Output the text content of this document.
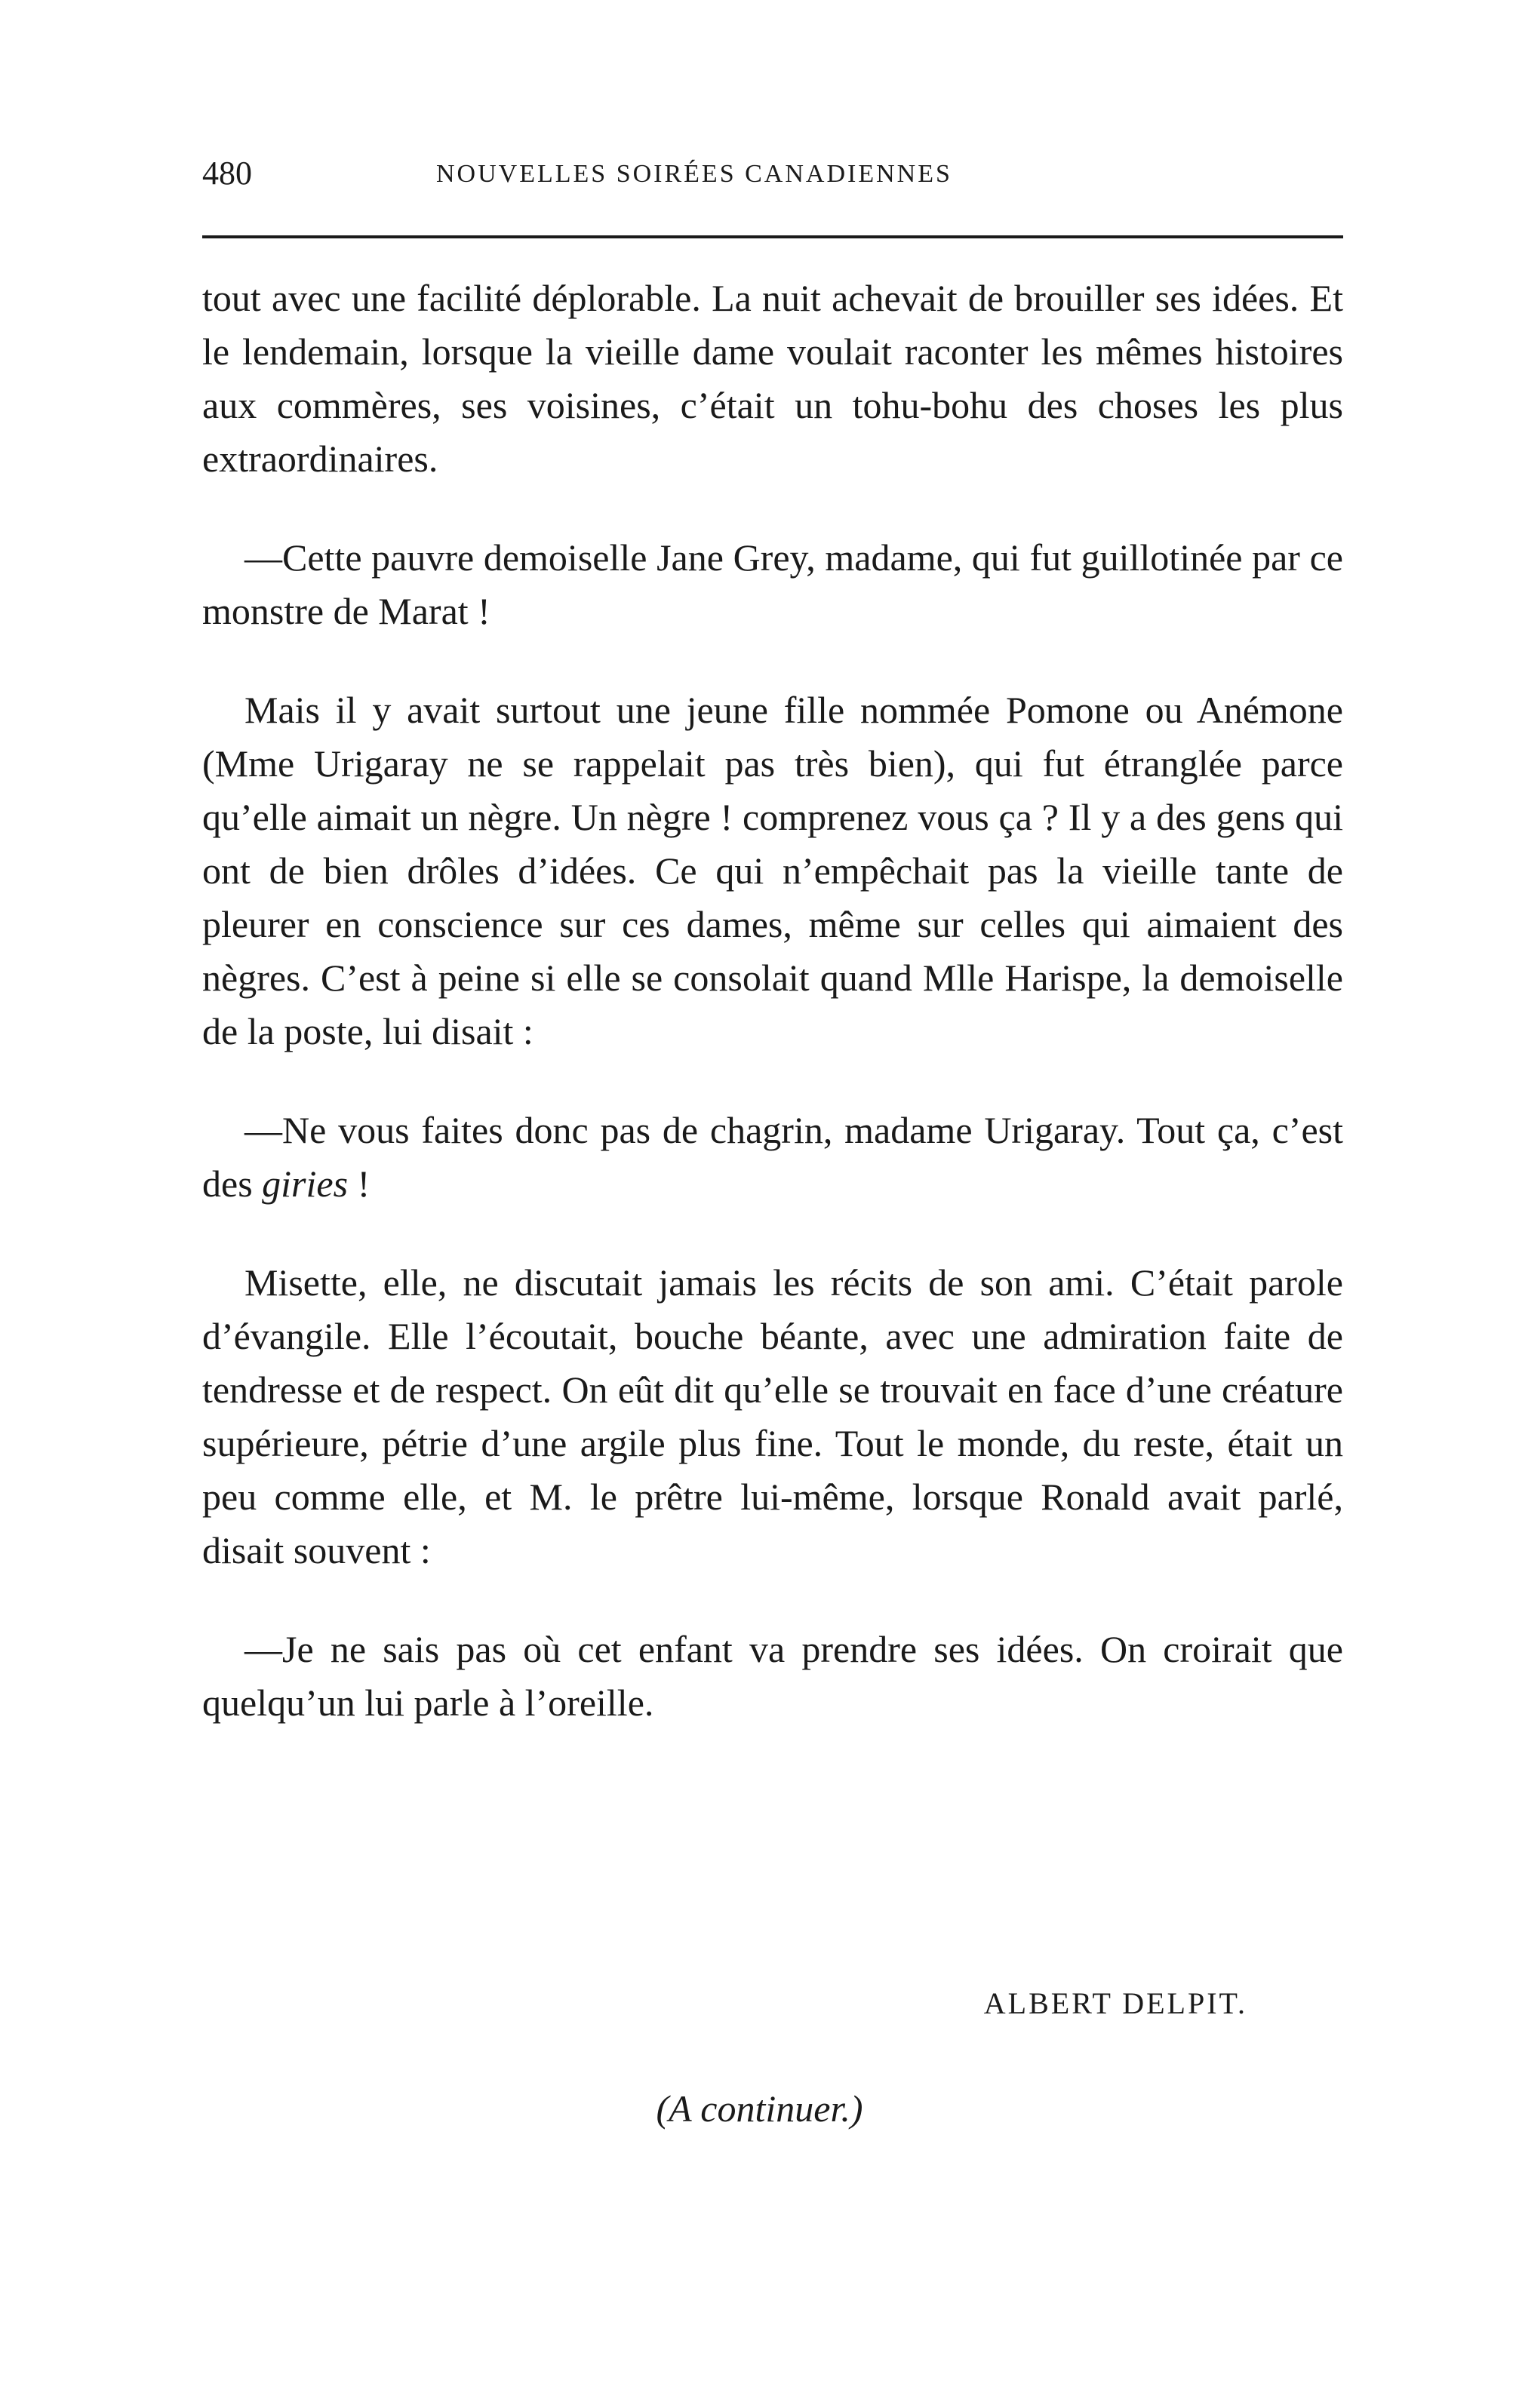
480	NOUVELLES SOIRÉES CANADIENNES

tout avec une facilité déplorable. La nuit achevait de brouiller ses idées. Et le lendemain, lorsque la vieille dame voulait raconter les mêmes histoires aux commères, ses voisines, c’était un tohu-bohu des choses les plus extraordinaires.

—Cette pauvre demoiselle Jane Grey, madame, qui fut guillotinée par ce monstre de Marat !

Mais il y avait surtout une jeune fille nommée Pomone ou Anémone (Mme Urigaray ne se rappelait pas très bien), qui fut étranglée parce qu’elle aimait un nègre. Un nègre ! comprenez vous ça ? Il y a des gens qui ont de bien drôles d’idées. Ce qui n’empêchait pas la vieille tante de pleurer en conscience sur ces dames, même sur celles qui aimaient des nègres. C’est à peine si elle se consolait quand Mlle Harispe, la demoiselle de la poste, lui disait :

—Ne vous faites donc pas de chagrin, madame Urigaray. Tout ça, c’est des giries !

Misette, elle, ne discutait jamais les récits de son ami. C’était parole d’évangile. Elle l’écoutait, bouche béante, avec une admiration faite de tendresse et de respect. On eût dit qu’elle se trouvait en face d’une créature supérieure, pétrie d’une argile plus fine. Tout le monde, du reste, était un peu comme elle, et M. le prêtre lui-même, lorsque Ronald avait parlé, disait souvent :

—Je ne sais pas où cet enfant va prendre ses idées. On croirait que quelqu’un lui parle à l’oreille.

ALBERT DELPIT.
(A continuer.)
